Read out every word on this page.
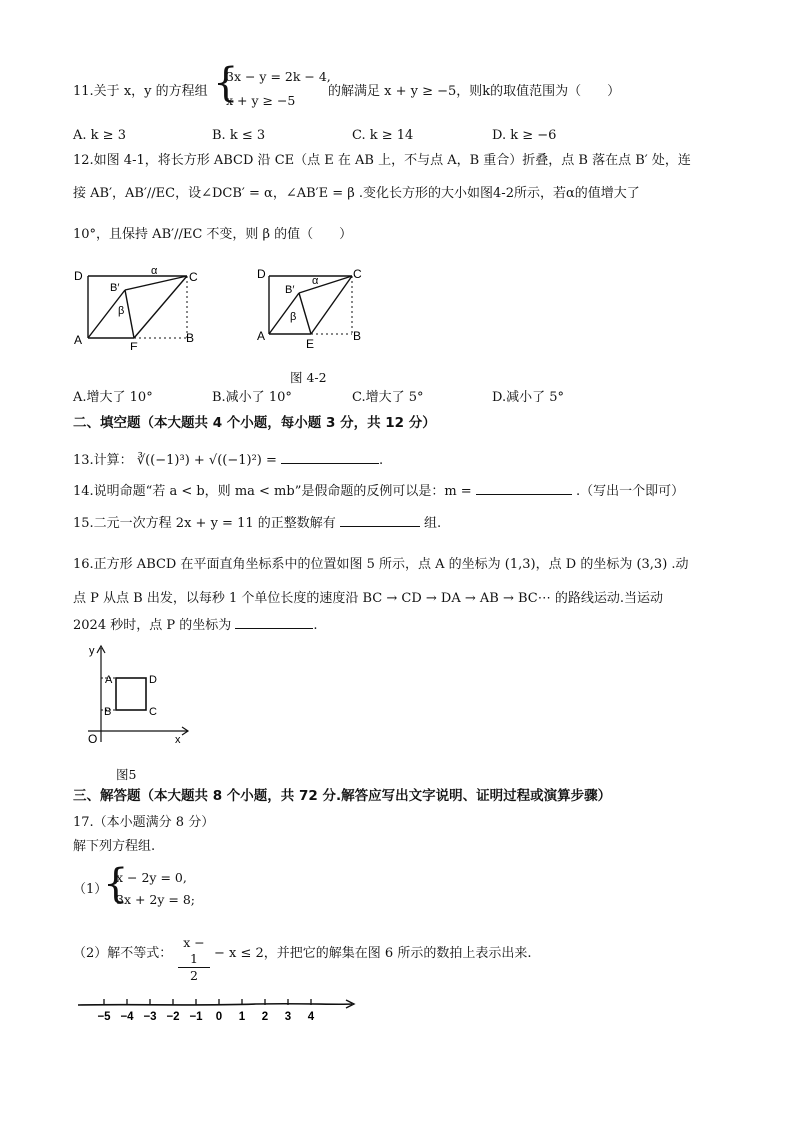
11.关于 x，y 的方程组 {
3x − y = 2k − 4,
x + y ≥ −5
的解满足 x + y ≥ −5，则k的取值范围为（　　）
A. k ≥ 3	B. k ≤ 3	C. k ≥ 14	D. k ≥ −6
12.如图 4-1，将长方形 ABCD 沿 CE（点 E 在 AB 上，不与点 A，B 重合）折叠，点 B 落在点 B′ 处，连
接 AB′，AB′//EC，设∠DCB′ = α，∠AB′E = β .变化长方形的大小如图4-2所示，若α的值增大了
10°，且保持 AB′//EC 不变，则 β 的值（　　）
D	C
A	B
E
B′
α
β
D	C
A	B
E
B′
α
β
图 4-2
A.增大了 10°	B.减小了 10°	C.增大了 5°	D.减小了 5°
二、填空题（本大题共 4 个小题，每小题 3 分，共 12 分）
13.计算： ∛((−1)³) + √((−1)²) =	.
14.说明命题“若 a < b，则 ma < mb”是假命题的反例可以是：m =	.（写出一个即可）
15.二元一次方程 2x + y = 11 的正整数解有	组.
16.正方形 ABCD 在平面直角坐标系中的位置如图 5 所示，点 A 的坐标为 (1,3)，点 D 的坐标为 (3,3) .动
点 P 从点 B 出发，以每秒 1 个单位长度的速度沿 BC → CD → DA → AB → BC⋯ 的路线运动.当运动
2024 秒时，点 P 的坐标为	.
y
x
O
A
B
D
C
图5
三、解答题（本大题共 8 个小题，共 72 分.解答应写出文字说明、证明过程或演算步骤）
17.（本小题满分 8 分）
解下列方程组.
（1）
{
x − 2y = 0,
3x + 2y = 8;
（2）解不等式： $\frac{x - 1}{2} - x \le 2$，并把它的解集在图 6 所示的数拍上表示出来.
−5 −4 −3 −2 −1 0 1 2 3 4
